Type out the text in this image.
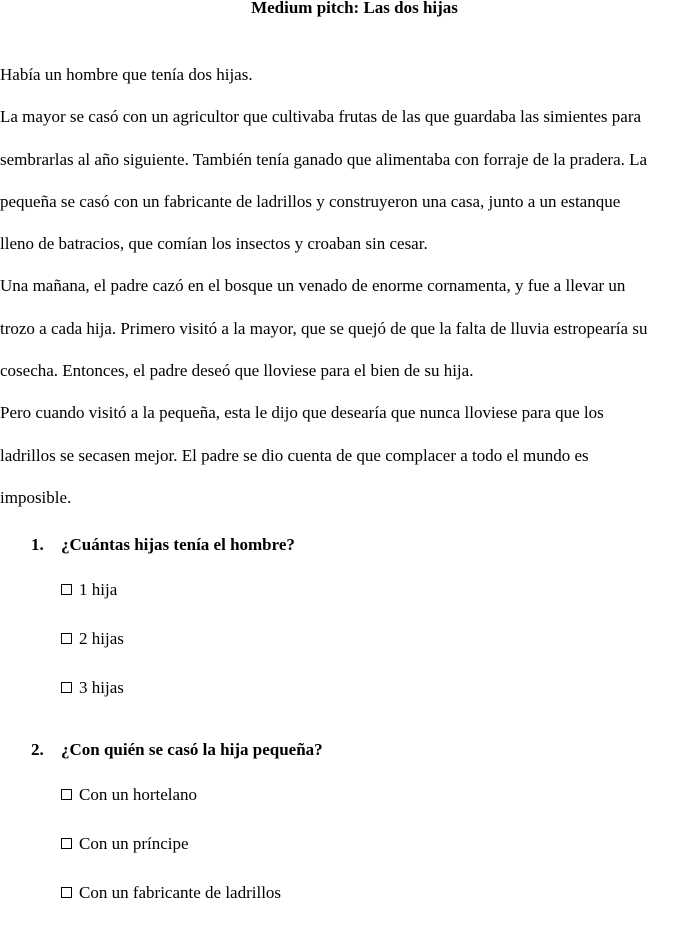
Medium pitch: Las dos hijas

Había un hombre que tenía dos hijas.

La mayor se casó con un agricultor que cultivaba frutas de las que guardaba las simientes para

sembrarlas al año siguiente. También tenía ganado que alimentaba con forraje de la pradera. La

pequeña se casó con un fabricante de ladrillos y construyeron una casa, junto a un estanque

lleno de batracios, que comían los insectos y croaban sin cesar.

Una mañana, el padre cazó en el bosque un venado de enorme cornamenta, y fue a llevar un

trozo a cada hija. Primero visitó a la mayor, que se quejó de que la falta de lluvia estropearía su

cosecha. Entonces, el padre deseó que lloviese para el bien de su hija.

Pero cuando visitó a la pequeña, esta le dijo que desearía que nunca lloviese para que los

ladrillos se secasen mejor. El padre se dio cuenta de que complacer a todo el mundo es

imposible.

1. ¿Cuántas hijas tenía el hombre?
1 hija
2 hijas
3 hijas
2. ¿Con quién se casó la hija pequeña?
Con un hortelano
Con un príncipe
Con un fabricante de ladrillos
